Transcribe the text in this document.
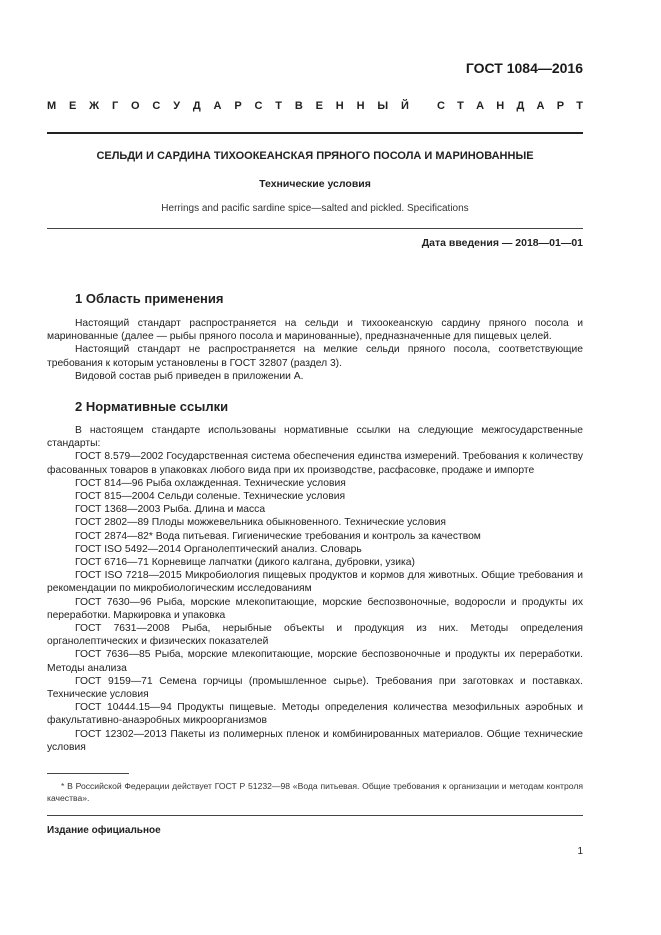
ГОСТ 1084—2016
М Е Ж Г О С У Д А Р С Т В Е Н Н Ы Й	С Т А Н Д А Р Т
СЕЛЬДИ И САРДИНА ТИХООКЕАНСКАЯ ПРЯНОГО ПОСОЛА И МАРИНОВАННЫЕ
Технические условия
Herrings and pacific sardine spice—salted and pickled. Specifications
Дата введения — 2018—01—01
1 Область применения

Настоящий стандарт распространяется на сельди и тихоокеанскую сардину пряного посола и маринованные (далее — рыбы пряного посола и маринованные), предназначенные для пищевых целей.

Настоящий стандарт не распространяется на мелкие сельди пряного посола, соответствующие требования к которым установлены в ГОСТ 32807 (раздел 3).

Видовой состав рыб приведен в приложении А.

2 Нормативные ссылки

В настоящем стандарте использованы нормативные ссылки на следующие межгосударственные стандарты:

ГОСТ 8.579—2002 Государственная система обеспечения единства измерений. Требования к количеству фасованных товаров в упаковках любого вида при их производстве, расфасовке, продаже и импорте

ГОСТ 814—96 Рыба охлажденная. Технические условия

ГОСТ 815—2004 Сельди соленые. Технические условия

ГОСТ 1368—2003 Рыба. Длина и масса

ГОСТ 2802—89 Плоды можжевельника обыкновенного. Технические условия

ГОСТ 2874—82* Вода питьевая. Гигиенические требования и контроль за качеством

ГОСТ ISO 5492—2014 Органолептический анализ. Словарь

ГОСТ 6716—71 Корневище лапчатки (дикого калгана, дубровки, узика)

ГОСТ ISO 7218—2015 Микробиология пищевых продуктов и кормов для животных. Общие требования и рекомендации по микробиологическим исследованиям

ГОСТ 7630—96 Рыба, морские млекопитающие, морские беспозвоночные, водоросли и продукты их переработки. Маркировка и упаковка

ГОСТ 7631—2008 Рыба, нерыбные объекты и продукция из них. Методы определения органолептических и физических показателей

ГОСТ 7636—85 Рыба, морские млекопитающие, морские беспозвоночные и продукты их переработки. Методы анализа

ГОСТ 9159—71 Семена горчицы (промышленное сырье). Требования при заготовках и поставках. Технические условия

ГОСТ 10444.15—94 Продукты пищевые. Методы определения количества мезофильных аэробных и факультативно-анаэробных микроорганизмов

ГОСТ 12302—2013 Пакеты из полимерных пленок и комбинированных материалов. Общие технические условия

* В Российской Федерации действует ГОСТ Р 51232—98 «Вода питьевая. Общие требования к организации и методам контроля качества».

Издание официальное
1
